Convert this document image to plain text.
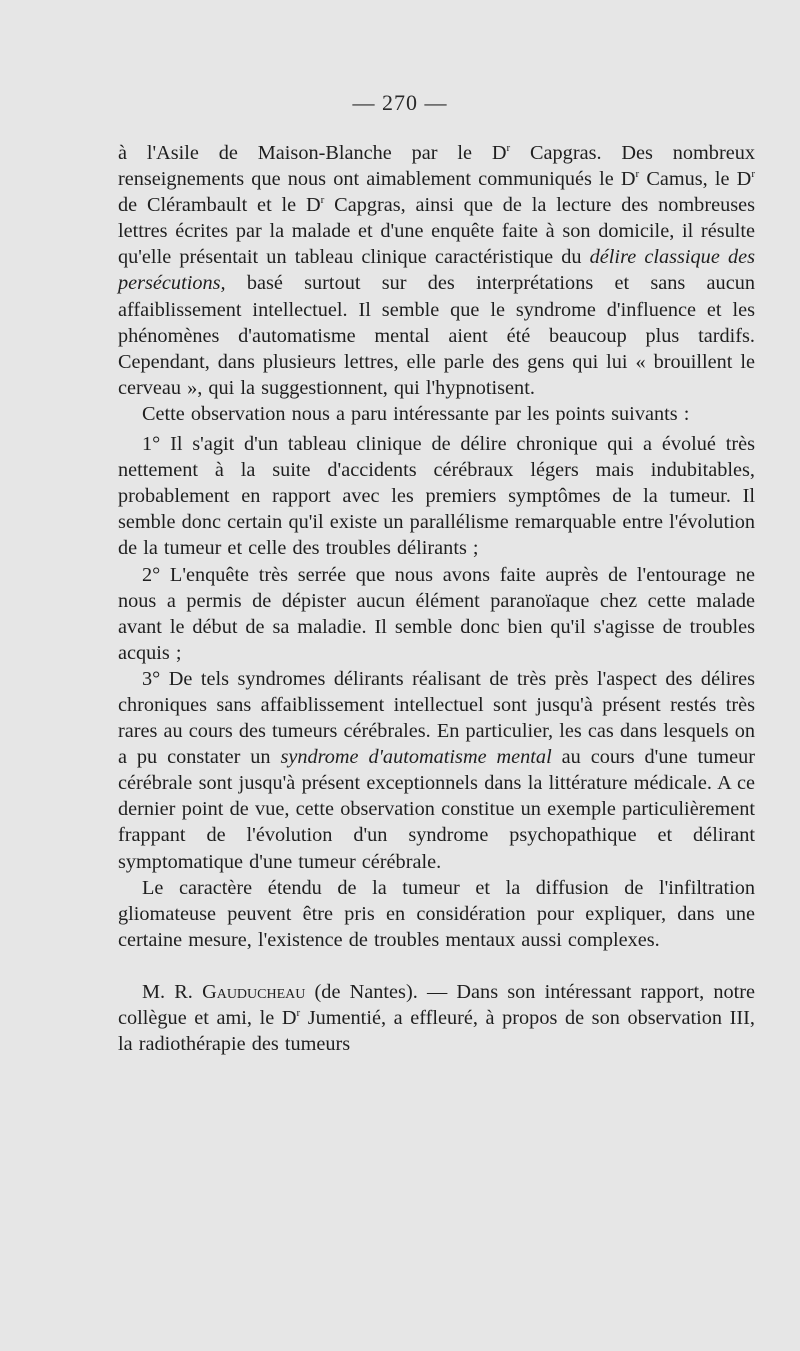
— 270 —

à l'Asile de Maison-Blanche par le $D^r$ Capgras. Des nombreux renseignements que nous ont aimablement communiqués le $D^r$ Camus, le $D^r$ de Clérambault et le $D^r$ Capgras, ainsi que de la lecture des nombreuses lettres écrites par la malade et d'une enquête faite à son domicile, il résulte qu'elle présentait un tableau clinique caractéristique du délire classique des persécutions, basé surtout sur des interprétations et sans aucun affaiblissement intellectuel. Il semble que le syndrome d'influence et les phénomènes d'automatisme mental aient été beaucoup plus tardifs. Cependant, dans plusieurs lettres, elle parle des gens qui lui « brouillent le cerveau », qui la suggestionnent, qui l'hypnotisent.

Cette observation nous a paru intéressante par les points suivants :

1° Il s'agit d'un tableau clinique de délire chronique qui a évolué très nettement à la suite d'accidents cérébraux légers mais indubitables, probablement en rapport avec les premiers symptômes de la tumeur. Il semble donc certain qu'il existe un parallélisme remarquable entre l'évolution de la tumeur et celle des troubles délirants ;

2° L'enquête très serrée que nous avons faite auprès de l'entourage ne nous a permis de dépister aucun élément paranoïaque chez cette malade avant le début de sa maladie. Il semble donc bien qu'il s'agisse de troubles acquis ;

3° De tels syndromes délirants réalisant de très près l'aspect des délires chroniques sans affaiblissement intellectuel sont jusqu'à présent restés très rares au cours des tumeurs cérébrales. En particulier, les cas dans lesquels on a pu constater un syndrome d'automatisme mental au cours d'une tumeur cérébrale sont jusqu'à présent exceptionnels dans la littérature médicale. A ce dernier point de vue, cette observation constitue un exemple particulièrement frappant de l'évolution d'un syndrome psychopathique et délirant symptomatique d'une tumeur cérébrale.

Le caractère étendu de la tumeur et la diffusion de l'infiltration gliomateuse peuvent être pris en considération pour expliquer, dans une certaine mesure, l'existence de troubles mentaux aussi complexes.

M. R. Gauducheau (de Nantes). — Dans son intéressant rapport, notre collègue et ami, le $D^r$ Jumentié, a effleuré, à propos de son observation III, la radiothérapie des tumeurs
